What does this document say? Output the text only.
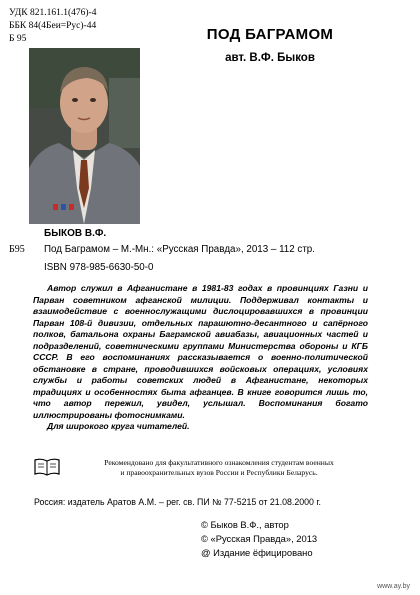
УДК 821.161.1(476)-4
ББК 84(4Беи=Рус)-44
Б 95	ПОД БАГРАМОМ
авт. В.Ф. Быков
БЫКОВ В.Ф.
Б95 Под Баграмом – М.-Мн.: «Русская Правда», 2013 – 112 стр.
ISBN 978-985-6630-50-0

Автор служил в Афганистане в 1981-83 годах в провинциях Газни и Парван советником афганской милиции. Поддерживал контакты и взаимодействие с военнослужащими дислоцировавшихся в провинции Парван 108-й дивизии, отдельных парашютно-десантного и сапёрного полков, батальона охраны Баграмской авиабазы, авиационных частей и подразделений, советническими группами Министерства обороны и КГБ СССР. В его воспоминаниях рассказывается о военно-политической обстановке в стране, проводившихся войсковых операциях, условиях службы и работы советских людей в Афганистане, некоторых традициях и особенностях быта афганцев. В книге говорится лишь то, что автор пережил, увидел, услышал. Воспоминания богато иллюстрированы фотоснимками.

Для широкого круга читателей.

Рекомендовано для факультативного ознакомления студентам военных
и правоохранительных вузов России и Республики Беларусь.
Россия: издатель Аратов А.М. – рег. св. ПИ № 77-5215 от 21.08.2000 г.
© Быков В.Ф., автор
© «Русская Правда», 2013
@ Издание ёфицировано
www.ay.by
